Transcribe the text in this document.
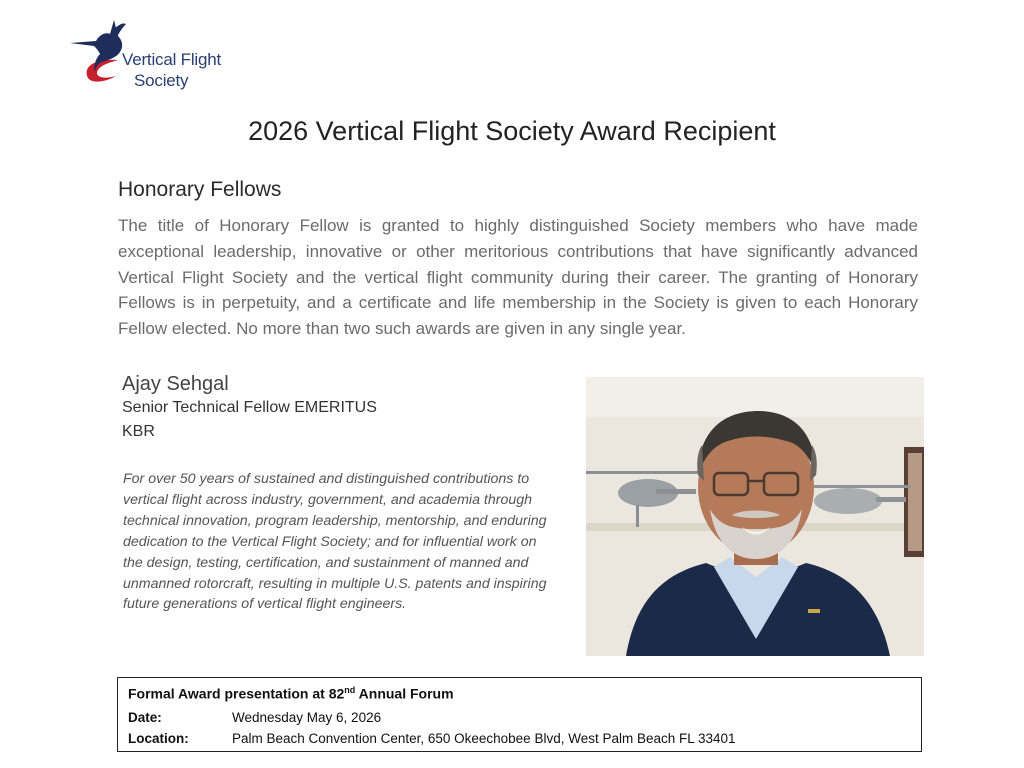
Vertical Flight
Society
2026 Vertical Flight Society Award Recipient
Honorary Fellows
The title of Honorary Fellow is granted to highly distinguished Society members who have made exceptional leadership, innovative or other meritorious contributions that have significantly advanced Vertical Flight Society and the vertical flight community during their career. The granting of Honorary Fellows is in perpetuity, and a certificate and life membership in the Society is given to each Honorary Fellow elected. No more than two such awards are given in any single year.
Ajay Sehgal
Senior Technical Fellow EMERITUS
KBR
For over 50 years of sustained and distinguished contributions to vertical flight across industry, government, and academia through technical innovation, program leadership, mentorship, and enduring dedication to the Vertical Flight Society; and for influential work on the design, testing, certification, and sustainment of manned and unmanned rotorcraft, resulting in multiple U.S. patents and inspiring future generations of vertical flight engineers.
Formal Award presentation at 82nd Annual Forum
Date:	Wednesday May 6, 2026
Location:	Palm Beach Convention Center, 650 Okeechobee Blvd, West Palm Beach FL 33401
